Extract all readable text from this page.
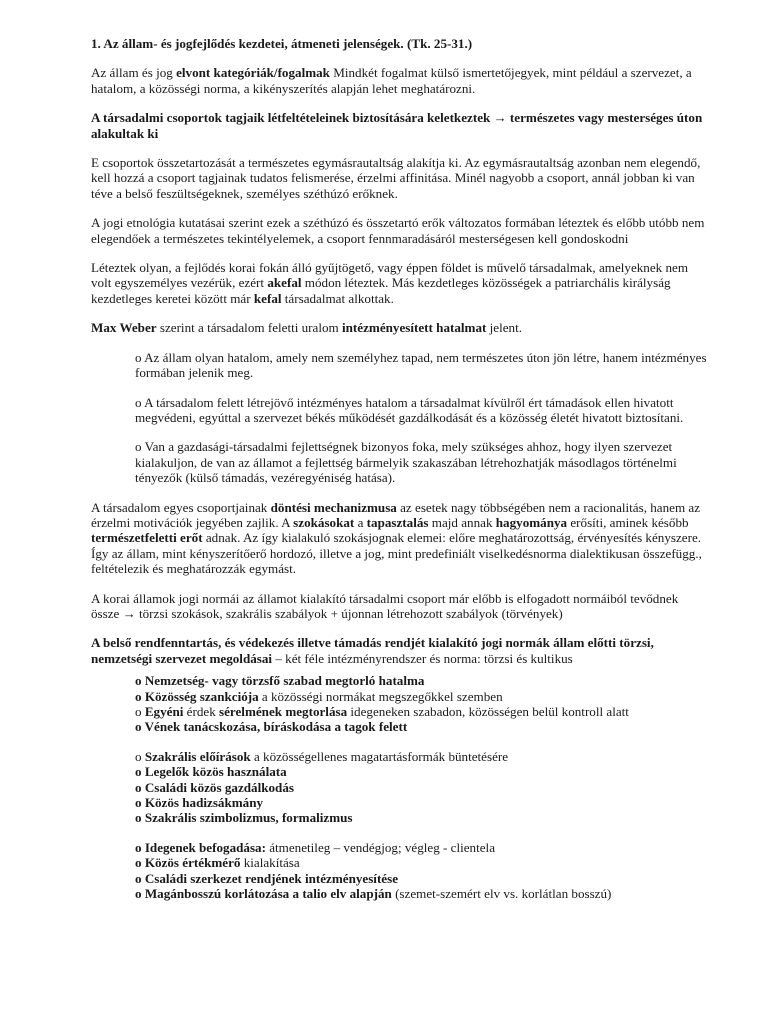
1. Az állam- és jogfejlődés kezdetei, átmeneti jelenségek. (Tk. 25-31.)
Az állam és jog elvont kategóriák/fogalmak Mindkét fogalmat külső ismertetőjegyek, mint például a szervezet, a hatalom, a közösségi norma, a kikényszerítés alapján lehet meghatározni.
A társadalmi csoportok tagjaik létfeltételeinek biztosítására keletkeztek → természetes vagy mesterséges úton alakultak ki
E csoportok összetartozását a természetes egymásrautaltság alakítja ki. Az egymásrautaltság azonban nem elegendő, kell hozzá a csoport tagjainak tudatos felismerése, érzelmi affinitása. Minél nagyobb a csoport, annál jobban ki van téve a belső feszültségeknek, személyes széthúzó erőknek.
A jogi etnológia kutatásai szerint ezek a széthúzó és összetartó erők változatos formában léteztek és előbb utóbb nem elegendőek a természetes tekintélyelemek, a csoport fennmaradásáról mesterségesen kell gondoskodni
Léteztek olyan, a fejlődés korai fokán álló gyűjtögető, vagy éppen földet is művelő társadalmak, amelyeknek nem volt egyszemélyes vezérük, ezért akefal módon léteztek. Más kezdetleges közösségek a patriarchális királyság kezdetleges keretei között már kefal társadalmat alkottak.
Max Weber szerint a társadalom feletti uralom intézményesített hatalmat jelent.
o Az állam olyan hatalom, amely nem személyhez tapad, nem természetes úton jön létre, hanem intézményes formában jelenik meg.
o A társadalom felett létrejövő intézményes hatalom a társadalmat kívülről ért támadások ellen hivatott megvédeni, egyúttal a szervezet békés működését gazdálkodását és a közösség életét hivatott biztosítani.
o Van a gazdasági-társadalmi fejlettségnek bizonyos foka, mely szükséges ahhoz, hogy ilyen szervezet kialakuljon, de van az államot a fejlettség bármelyik szakaszában létrehozhatják másodlagos történelmi tényezők (külső támadás, vezéregyéniség hatása).
A társadalom egyes csoportjainak döntési mechanizmusa az esetek nagy többségében nem a racionalitás, hanem az érzelmi motivációk jegyében zajlik. A szokásokat a tapasztalás majd annak hagyománya erősíti, aminek később természetfeletti erőt adnak. Az így kialakuló szokásjognak elemei: előre meghatározottság, érvényesítés kényszere. Így az állam, mint kényszerítőerő hordozó, illetve a jog, mint predefiniált viselkedésnorma dialektikusan összefügg., feltételezik és meghatározzák egymást.
A korai államok jogi normái az államot kialakító társadalmi csoport már előbb is elfogadott normáiból tevődnek össze → törzsi szokások, szakrális szabályok + újonnan létrehozott szabályok (törvények)
A belső rendfenntartás, és védekezés illetve támadás rendjét kialakító jogi normák állam előtti törzsi, nemzetségi szervezet megoldásai – két féle intézményrendszer és norma: törzsi és kultikus
o Nemzetség- vagy törzsfő szabad megtorló hatalma
o Közösség szankciója a közösségi normákat megszegőkkel szemben
o Egyéni érdek sérelmének megtorlása idegeneken szabadon, közösségen belül kontroll alatt
o Vének tanácskozása, bíráskodása a tagok felett
o Szakrális előírások a közösségellenes magatartásformák büntetésére
o Legelők közös használata
o Családi közös gazdálkodás
o Közös hadizsákmány
o Szakrális szimbolizmus, formalizmus
o Idegenek befogadása: átmenetileg – vendégjog; végleg - clientela
o Közös értékmérő kialakítása
o Családi szerkezet rendjének intézményesítése
o Magánbosszú korlátozása a talio elv alapján (szemet-szemért elv vs. korlátlan bosszú)
